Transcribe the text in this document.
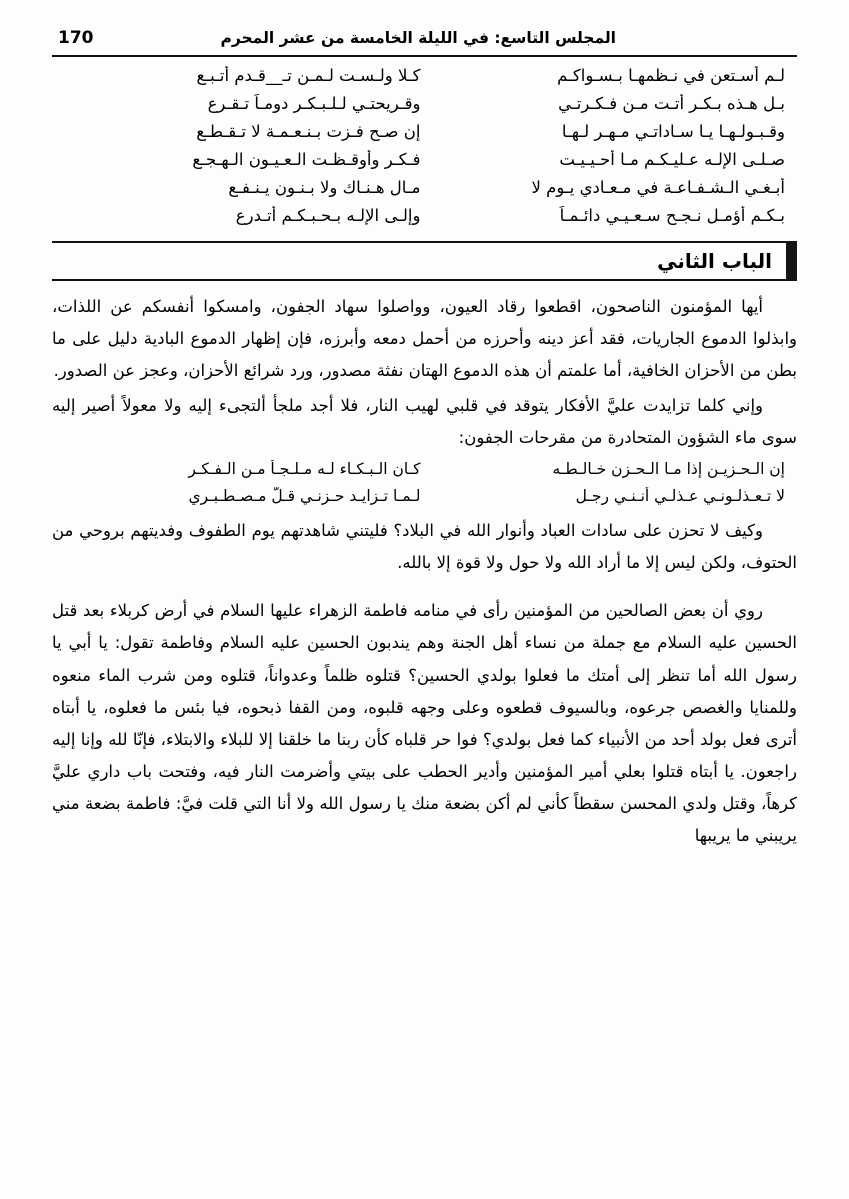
المجلس التاسع: في الليلة الخامسة من عشر المحرم
170
لـم أسـتعن في نـظمهـا بـسـواكـم
كـلا ولـسـت لـمـن تـ__قـدم أتـبـع
بـل هـذه بـكـر أتـت مـن فـكـرتـي
وقـريحتـي لـلـبـكـر دومـاً تـقـرع
وقـبـولـهـا يـا سـاداتـي مـهـر لـهـا
إن صـح فـزت بـنـعـمـة لا تـقـطـع
صـلـى الإلـه عـليـكـم مـا أحـيـيـت
فـكـر وأوقـظـت الـعـيـون الـهـجـع
أبـغـي الـشـفـاعـة في مـعـادي يـوم لا
مـال هـنـاك ولا بـنـون يـنـفـع
بـكـم أؤمـل نـجـح سـعـيـي دائـمـاً
وإلـى الإلـه بـحـبـكـم أتـدرع
الباب الثاني

أيها المؤمنون الناصحون، اقطعوا رقاد العيون، وواصلوا سهاد الجفون، وامسكوا أنفسكم عن اللذات، وابذلوا الدموع الجاريات، فقد أعز دينه وأحرزه من أحمل دمعه وأبرزه، فإن إظهار الدموع البادية دليل على ما بطن من الأحزان الخافية، أما علمتم أن هذه الدموع الهتان نفثة مصدور، ورد شرائع الأحزان، وعجز عن الصدور.

وإني كلما تزايدت عليَّ الأفكار يتوقد في قلبي لهيب النار، فلا أجد ملجأ ألتجىء إليه ولا معولاً أصير إليه سوى ماء الشؤون المتحادرة من مقرحات الجفون:

إن الـحـزيـن إذا مـا الـحـزن خـالـطـه
كـان الـبـكـاء لـه مـلـجـأ مـن الـفـكـر
لا تـعـذلـونـي عـذلـي أنـنـي رجـل
لـمـا تـزايـد حـزنـي قـلّ مـصـطـبـري

وكيف لا تحزن على سادات العباد وأنوار الله في البلاد؟ فليتني شاهدتهم يوم الطفوف وفديتهم بروحي من الحتوف، ولكن ليس إلا ما أراد الله ولا حول ولا قوة إلا بالله.

روي أن بعض الصالحين من المؤمنين رأى في منامه فاطمة الزهراء عليها السلام في أرض كربلاء بعد قتل الحسين عليه السلام مع جملة من نساء أهل الجنة وهم يندبون الحسين عليه السلام وفاطمة تقول: يا أبي يا رسول الله أما تنظر إلى أمتك ما فعلوا بولدي الحسين؟ قتلوه ظلماً وعدواناً، قتلوه ومن شرب الماء منعوه وللمنايا والغصص جرعوه، وبالسيوف قطعوه وعلى وجهه قلبوه، ومن القفا ذبحوه، فيا بئس ما فعلوه، يا أبتاه أترى فعل بولد أحد من الأنبياء كما فعل بولدي؟ فوا حر قلباه كأن ربنا ما خلقنا إلا للبلاء والابتلاء، فإنّا لله وإنا إليه راجعون. يا أبتاه قتلوا بعلي أمير المؤمنين وأدير الحطب على بيتي وأضرمت النار فيه، وفتحت باب داري عليَّ كرهاً، وقتل ولدي المحسن سقطاً كأني لم أكن بضعة منك يا رسول الله ولا أنا التي قلت فيَّ: فاطمة بضعة مني يريبني ما يريبها
